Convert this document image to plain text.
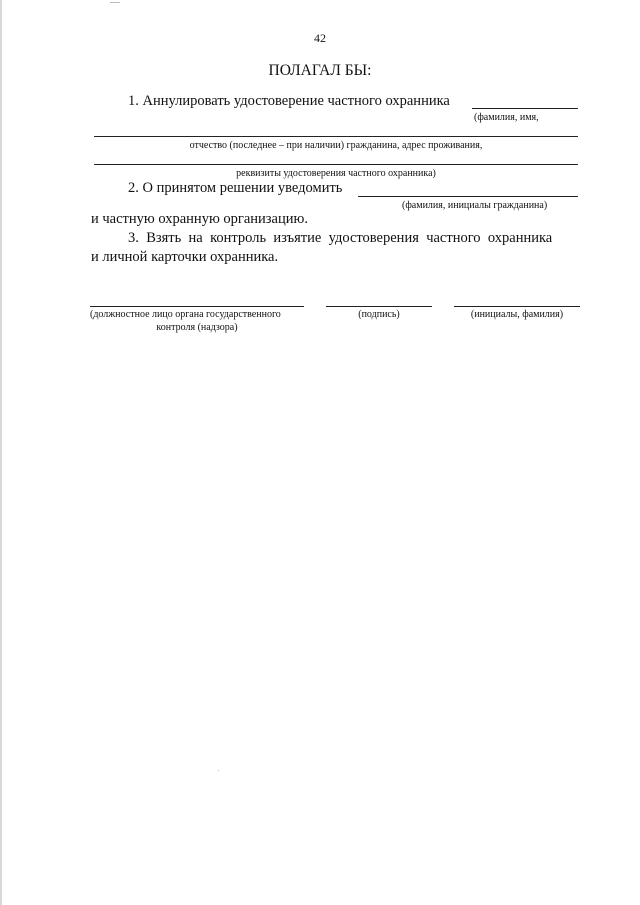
42
ПОЛАГАЛ БЫ:
1. Аннулировать удостоверение частного охранника
(фамилия, имя,
отчество (последнее – при наличии) гражданина, адрес проживания,
реквизиты удостоверения частного охранника)
2. О принятом решении уведомить
(фамилия, инициалы гражданина)
и частную охранную организацию.
3. Взять на контроль изъятие удостоверения частного охранника
и личной карточки охранника.
(должностное лицо органа государственного
контроля (надзора)
(подпись)	(инициалы, фамилия)
